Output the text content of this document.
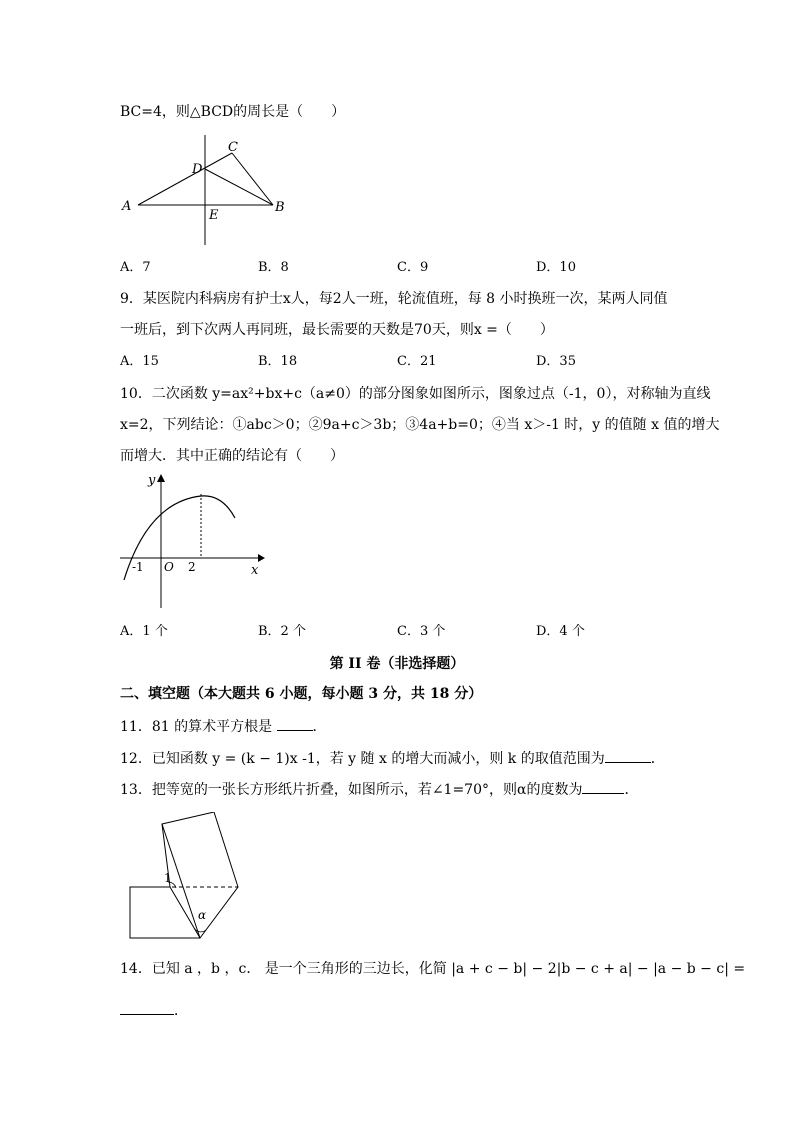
BC=4，则△BCD的周长是（　　）
A	B
C
D
E
A．7	B．8	C．9	D．10
9．某医院内科病房有护士x人，每2人一班，轮流值班，每 8 小时换班一次，某两人同值
一班后，到下次两人再同班，最长需要的天数是70天，则x =（　　）
A．15	B．18	C．21	D．35
10．二次函数 y=ax²+bx+c（a≠0）的部分图象如图所示，图象过点（-1，0），对称轴为直线
x=2，下列结论：①abc＞0；②9a+c＞3b；③4a+b=0；④当 x＞-1 时，y 的值随 x 值的增大
而增大．其中正确的结论有（　　）
y
x
O
-1	2
A．1 个	B．2 个	C．3 个	D．4 个
第 II 卷（非选择题）
二、填空题（本大题共 6 小题，每小题 3 分，共 18 分）
11．81 的算术平方根是	．
12．已知函数 y = (k − 1)x -1，若 y 随 x 的增大而减小，则 k 的取值范围为	．
13．把等宽的一张长方形纸片折叠，如图所示，若∠1=70°，则α的度数为	．
1
α
14．已知 a ，b ，c． 是一个三角形的三边长，化简 |a + c − b| − 2|b − c + a| − |a − b − c| =
．
